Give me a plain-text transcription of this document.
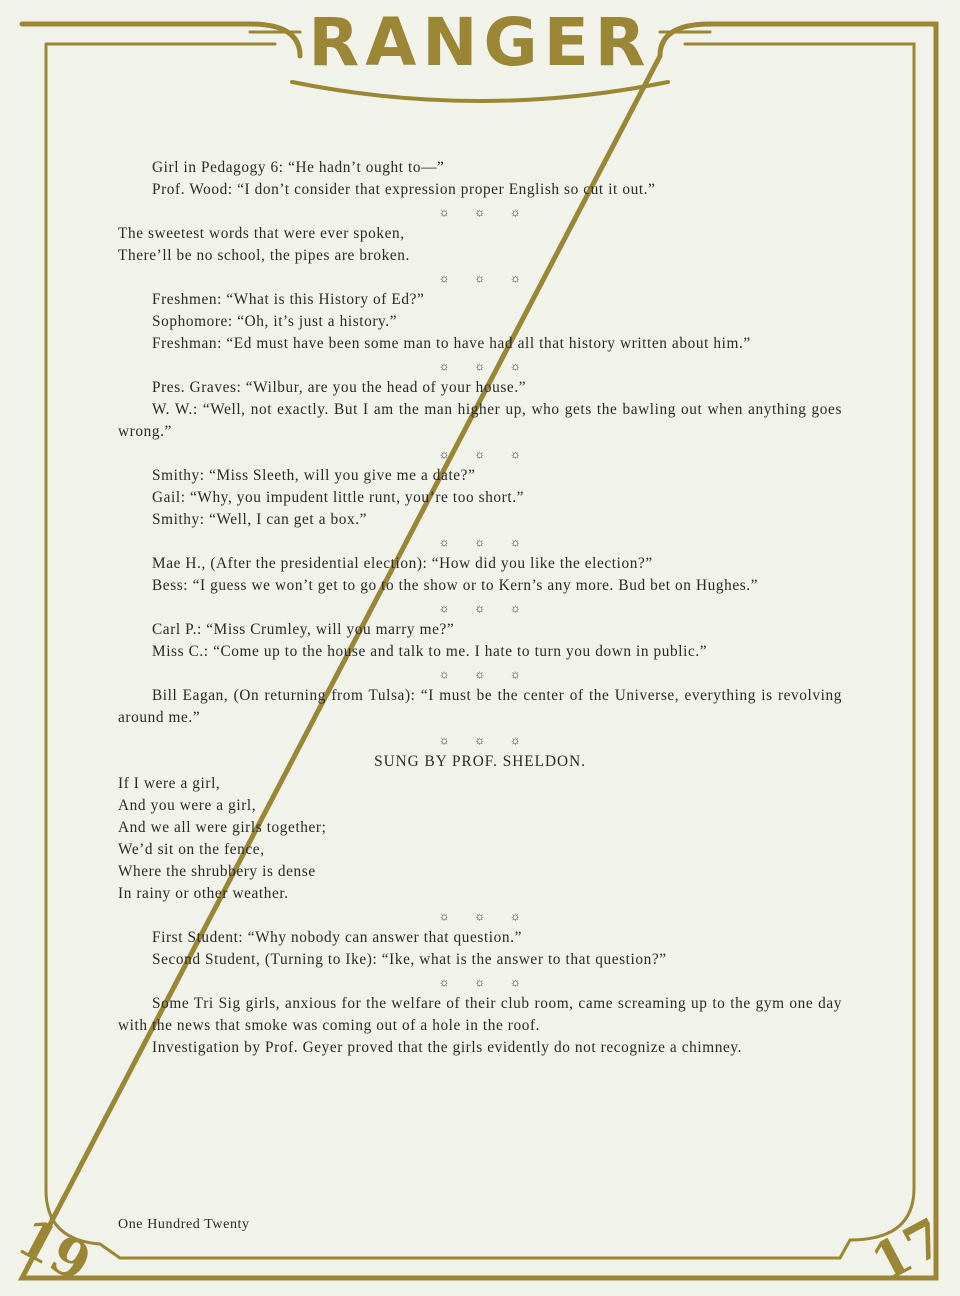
RANGER
19	17

Girl in Pedagogy 6: “He hadn’t ought to—”

Prof. Wood: “I don’t consider that expression proper English so cut it out.”

☼ ☼ ☼

The sweetest words that were ever spoken,

There’ll be no school, the pipes are broken.

☼ ☼ ☼

Freshmen: “What is this History of Ed?”

Sophomore: “Oh, it’s just a history.”

Freshman: “Ed must have been some man to have had all that history written about him.”

☼ ☼ ☼

Pres. Graves: “Wilbur, are you the head of your house.”

W. W.: “Well, not exactly. But I am the man higher up, who gets the bawling out when anything goes wrong.”

☼ ☼ ☼

Smithy: “Miss Sleeth, will you give me a date?”

Gail: “Why, you impudent little runt, you’re too short.”

Smithy: “Well, I can get a box.”

☼ ☼ ☼

Mae H., (After the presidential election): “How did you like the election?”

Bess: “I guess we won’t get to go to the show or to Kern’s any more. Bud bet on Hughes.”

☼ ☼ ☼

Carl P.: “Miss Crumley, will you marry me?”

Miss C.: “Come up to the house and talk to me. I hate to turn you down in public.”

☼ ☼ ☼

Bill Eagan, (On returning from Tulsa): “I must be the center of the Universe, everything is revolving around me.”

☼ ☼ ☼

SUNG BY PROF. SHELDON.

If I were a girl,

And you were a girl,

And we all were girls together;

We’d sit on the fence,

Where the shrubbery is dense

In rainy or other weather.

☼ ☼ ☼

First Student: “Why nobody can answer that question.”

Second Student, (Turning to Ike): “Ike, what is the answer to that question?”

☼ ☼ ☼

Some Tri Sig girls, anxious for the welfare of their club room, came screaming up to the gym one day with the news that smoke was coming out of a hole in the roof.

Investigation by Prof. Geyer proved that the girls evidently do not recognize a chimney.

One Hundred Twenty
